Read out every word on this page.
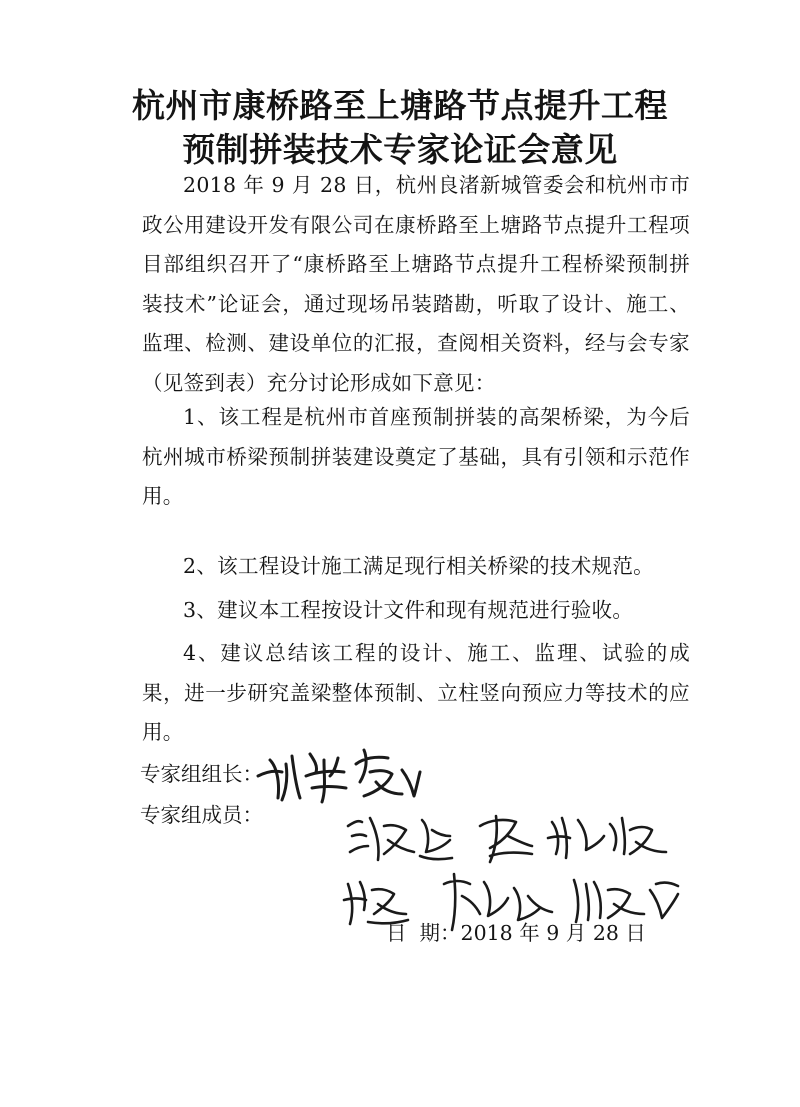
杭州市康桥路至上塘路节点提升工程
预制拼装技术专家论证会意见

2018 年 9 月 28 日，杭州良渚新城管委会和杭州市市政公用建设开发有限公司在康桥路至上塘路节点提升工程项目部组织召开了“康桥路至上塘路节点提升工程桥梁预制拼装技术”论证会，通过现场吊装踏勘，听取了设计、施工、监理、检测、建设单位的汇报，查阅相关资料，经与会专家（见签到表）充分讨论形成如下意见：

1、该工程是杭州市首座预制拼装的高架桥梁，为今后杭州城市桥梁预制拼装建设奠定了基础，具有引领和示范作用。

2、该工程设计施工满足现行相关桥梁的技术规范。

3、建议本工程按设计文件和现有规范进行验收。

4、建议总结该工程的设计、施工、监理、试验的成果，进一步研究盖梁整体预制、立柱竖向预应力等技术的应用。

专家组组长：

专家组成员：

日  期：2018 年 9 月 28 日
